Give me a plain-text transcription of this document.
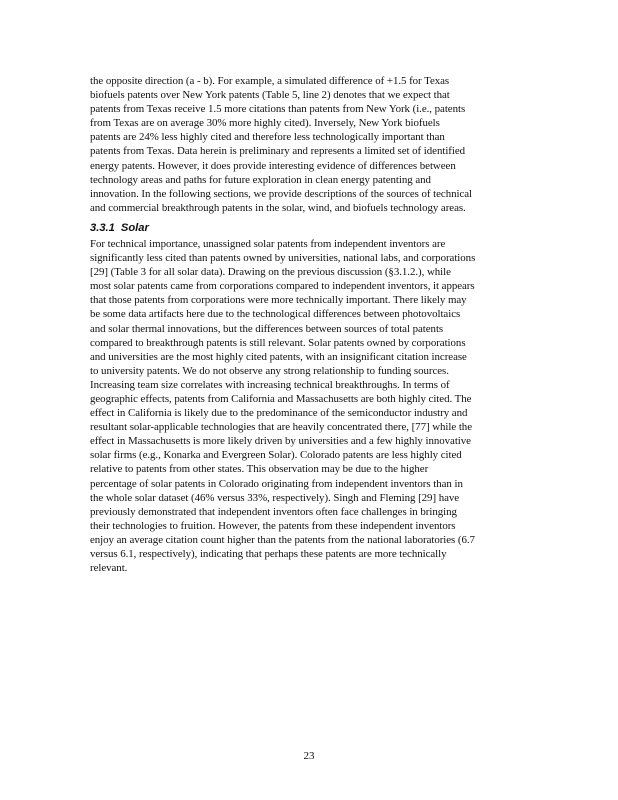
the opposite direction (a - b). For example, a simulated difference of +1.5 for Texas
biofuels patents over New York patents (Table 5, line 2) denotes that we expect that
patents from Texas receive 1.5 more citations than patents from New York (i.e., patents
from Texas are on average 30% more highly cited). Inversely, New York biofuels
patents are 24% less highly cited and therefore less technologically important than
patents from Texas. Data herein is preliminary and represents a limited set of identified
energy patents. However, it does provide interesting evidence of differences between
technology areas and paths for future exploration in clean energy patenting and
innovation. In the following sections, we provide descriptions of the sources of technical
and commercial breakthrough patents in the solar, wind, and biofuels technology areas.
3.3.1 Solar
For technical importance, unassigned solar patents from independent inventors are
significantly less cited than patents owned by universities, national labs, and corporations
[29] (Table 3 for all solar data). Drawing on the previous discussion (§3.1.2.), while
most solar patents came from corporations compared to independent inventors, it appears
that those patents from corporations were more technically important. There likely may
be some data artifacts here due to the technological differences between photovoltaics
and solar thermal innovations, but the differences between sources of total patents
compared to breakthrough patents is still relevant. Solar patents owned by corporations
and universities are the most highly cited patents, with an insignificant citation increase
to university patents. We do not observe any strong relationship to funding sources.
Increasing team size correlates with increasing technical breakthroughs. In terms of
geographic effects, patents from California and Massachusetts are both highly cited. The
effect in California is likely due to the predominance of the semiconductor industry and
resultant solar-applicable technologies that are heavily concentrated there, [77] while the
effect in Massachusetts is more likely driven by universities and a few highly innovative
solar firms (e.g., Konarka and Evergreen Solar). Colorado patents are less highly cited
relative to patents from other states. This observation may be due to the higher
percentage of solar patents in Colorado originating from independent inventors than in
the whole solar dataset (46% versus 33%, respectively). Singh and Fleming [29] have
previously demonstrated that independent inventors often face challenges in bringing
their technologies to fruition. However, the patents from these independent inventors
enjoy an average citation count higher than the patents from the national laboratories (6.7
versus 6.1, respectively), indicating that perhaps these patents are more technically
relevant.
23
